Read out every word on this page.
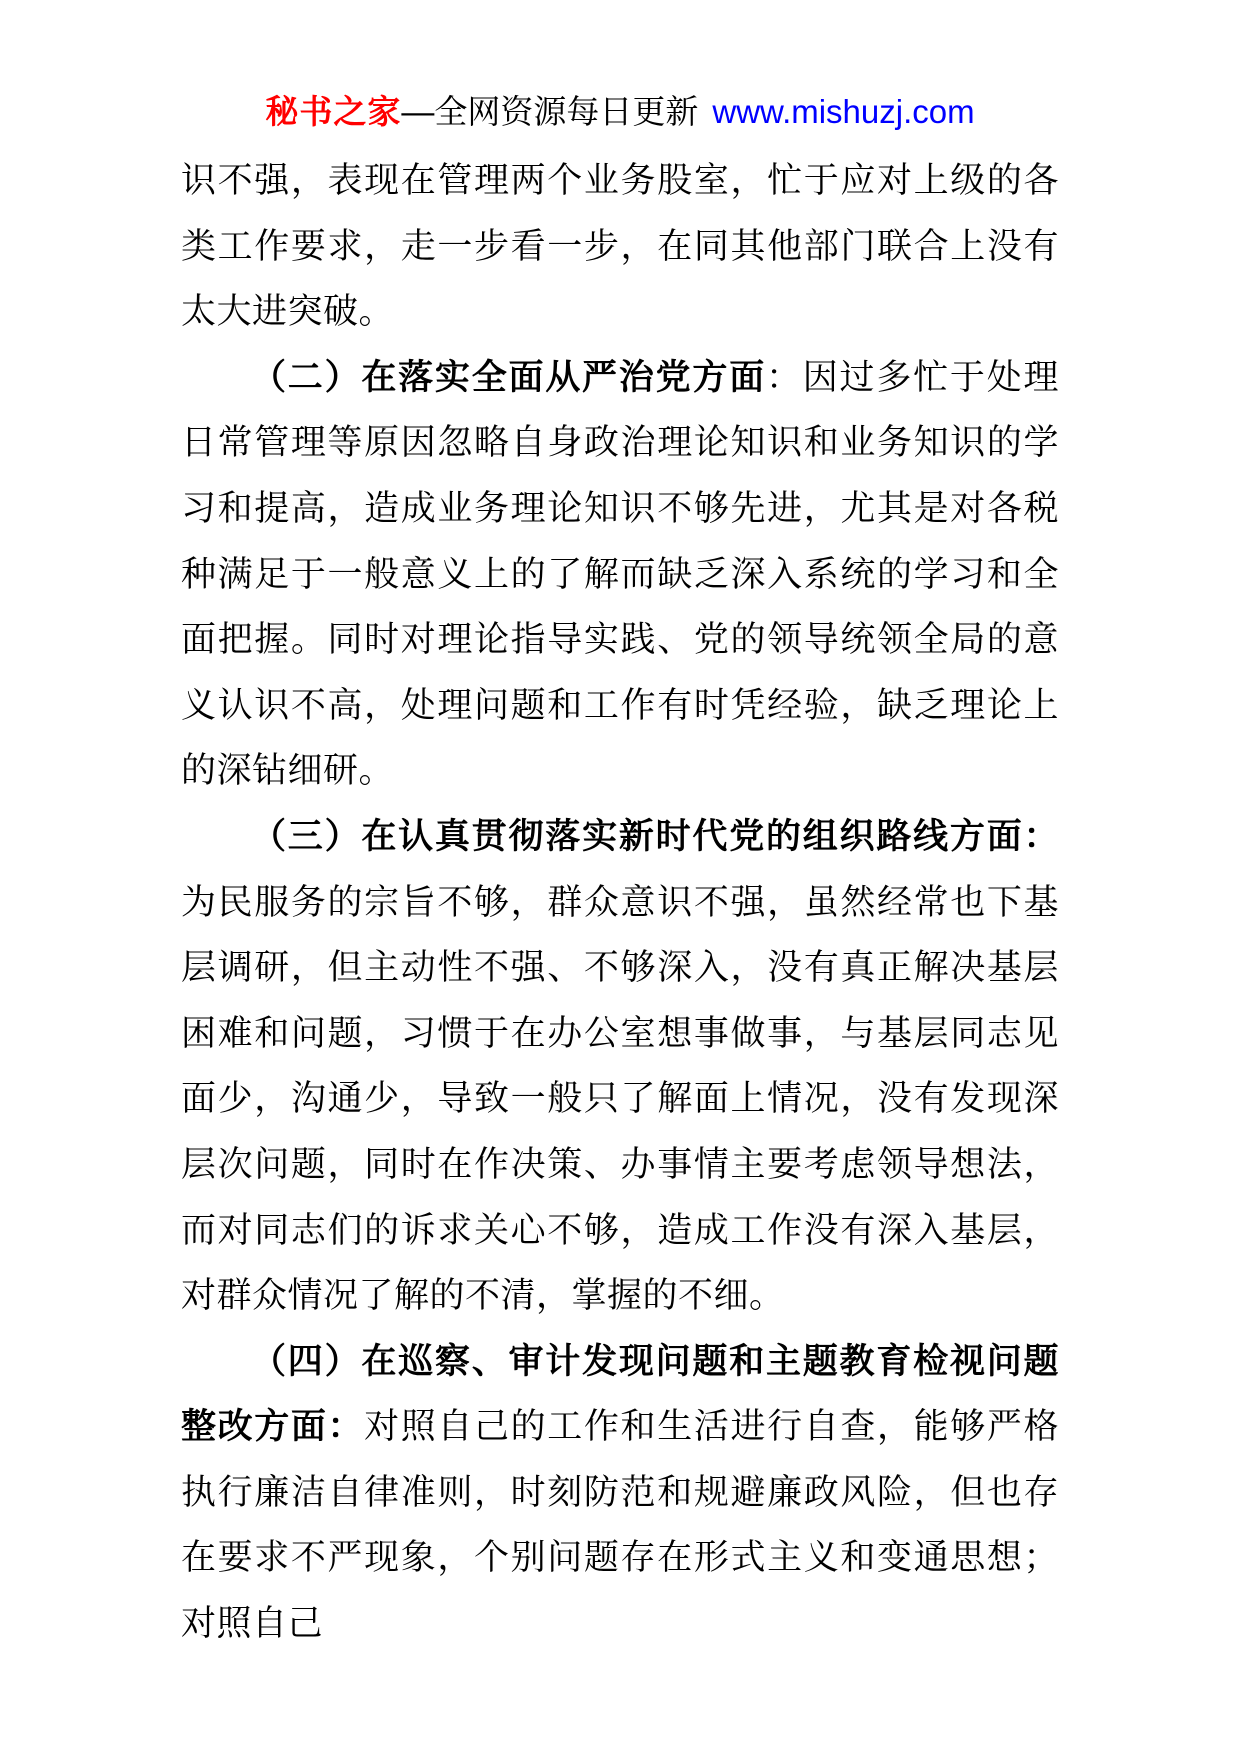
秘书之家—全网资源每日更新 www.mishuzj.com

识不强，表现在管理两个业务股室，忙于应对上级的各类工作要求，走一步看一步，在同其他部门联合上没有太大进突破。

（二）在落实全面从严治党方面：因过多忙于处理日常管理等原因忽略自身政治理论知识和业务知识的学习和提高，造成业务理论知识不够先进，尤其是对各税种满足于一般意义上的了解而缺乏深入系统的学习和全面把握。同时对理论指导实践、党的领导统领全局的意义认识不高，处理问题和工作有时凭经验，缺乏理论上的深钻细研。

（三）在认真贯彻落实新时代党的组织路线方面：为民服务的宗旨不够，群众意识不强，虽然经常也下基层调研，但主动性不强、不够深入，没有真正解决基层困难和问题，习惯于在办公室想事做事，与基层同志见面少，沟通少，导致一般只了解面上情况，没有发现深层次问题，同时在作决策、办事情主要考虑领导想法，而对同志们的诉求关心不够，造成工作没有深入基层，对群众情况了解的不清，掌握的不细。

（四）在巡察、审计发现问题和主题教育检视问题整改方面：对照自己的工作和生活进行自查，能够严格执行廉洁自律准则，时刻防范和规避廉政风险，但也存在要求不严现象，个别问题存在形式主义和变通思想；对照自己
